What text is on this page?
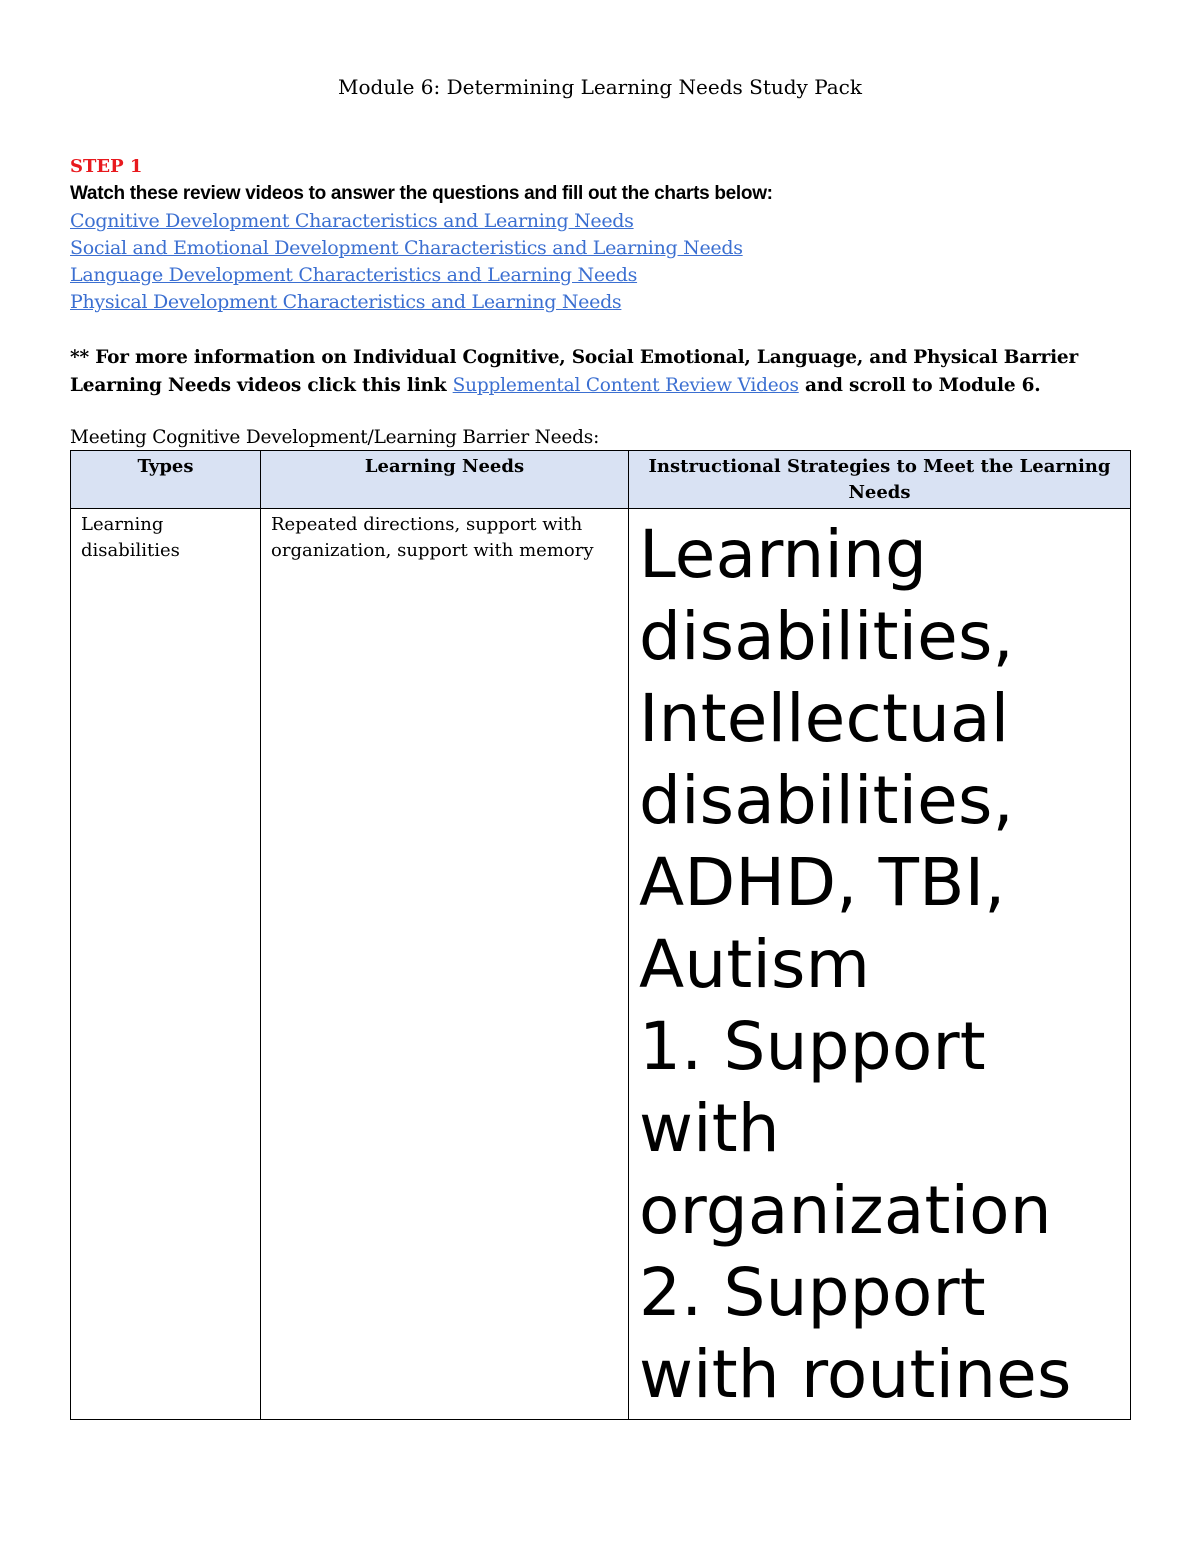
Module 6: Determining Learning Needs Study Pack
STEP 1
Watch these review videos to answer the questions and fill out the charts below:
Cognitive Development Characteristics and Learning Needs
Social and Emotional Development Characteristics and Learning Needs
Language Development Characteristics and Learning Needs
Physical Development Characteristics and Learning Needs
** For more information on Individual Cognitive, Social Emotional, Language, and Physical Barrier Learning Needs videos click this link Supplemental Content Review Videos and scroll to Module 6.
Meeting Cognitive Development/Learning Barrier Needs:
Types	Learning Needs	Instructional Strategies to Meet the Learning Needs
Learning disabilities	Repeated directions, support with organization, support with memory	Learning disabilities, Intellectual disabilities, ADHD, TBI, Autism
1. Support with organization
2. Support with routines
